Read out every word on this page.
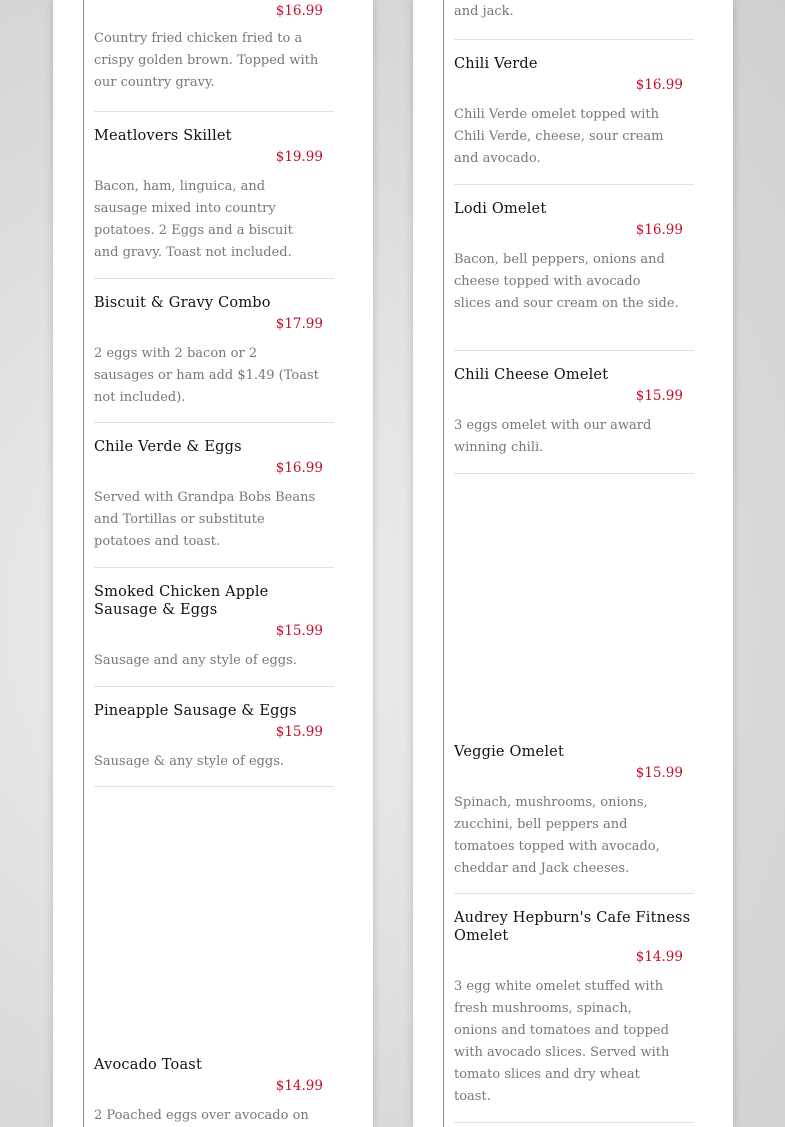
$16.99
Country fried chicken fried to a crispy golden brown. Topped with our country gravy.
Meatlovers Skillet
$19.99
Bacon, ham, linguica, and sausage mixed into country potatoes. 2 Eggs and a biscuit and gravy. Toast not included.
Biscuit & Gravy Combo
$17.99
2 eggs with 2 bacon or 2 sausages or ham add $1.49 (Toast not included).
Chile Verde & Eggs
$16.99
Served with Grandpa Bobs Beans and Tortillas or substitute potatoes and toast.
Smoked Chicken Apple Sausage & Eggs
$15.99
Sausage and any style of eggs.
Pineapple Sausage & Eggs
$15.99
Sausage & any style of eggs.
Avocado Toast
$14.99
2 Poached eggs over avocado on
and jack.
Chili Verde
$16.99
Chili Verde omelet topped with Chili Verde, cheese, sour cream and avocado.
Lodi Omelet
$16.99
Bacon, bell peppers, onions and cheese topped with avocado slices and sour cream on the side.
Chili Cheese Omelet
$15.99
3 eggs omelet with our award winning chili.
Veggie Omelet
$15.99
Spinach, mushrooms, onions, zucchini, bell peppers and tomatoes topped with avocado, cheddar and Jack cheeses.
Audrey Hepburn's Cafe Fitness Omelet
$14.99
3 egg white omelet stuffed with fresh mushrooms, spinach, onions and tomatoes and topped with avocado slices. Served with tomato slices and dry wheat toast.
